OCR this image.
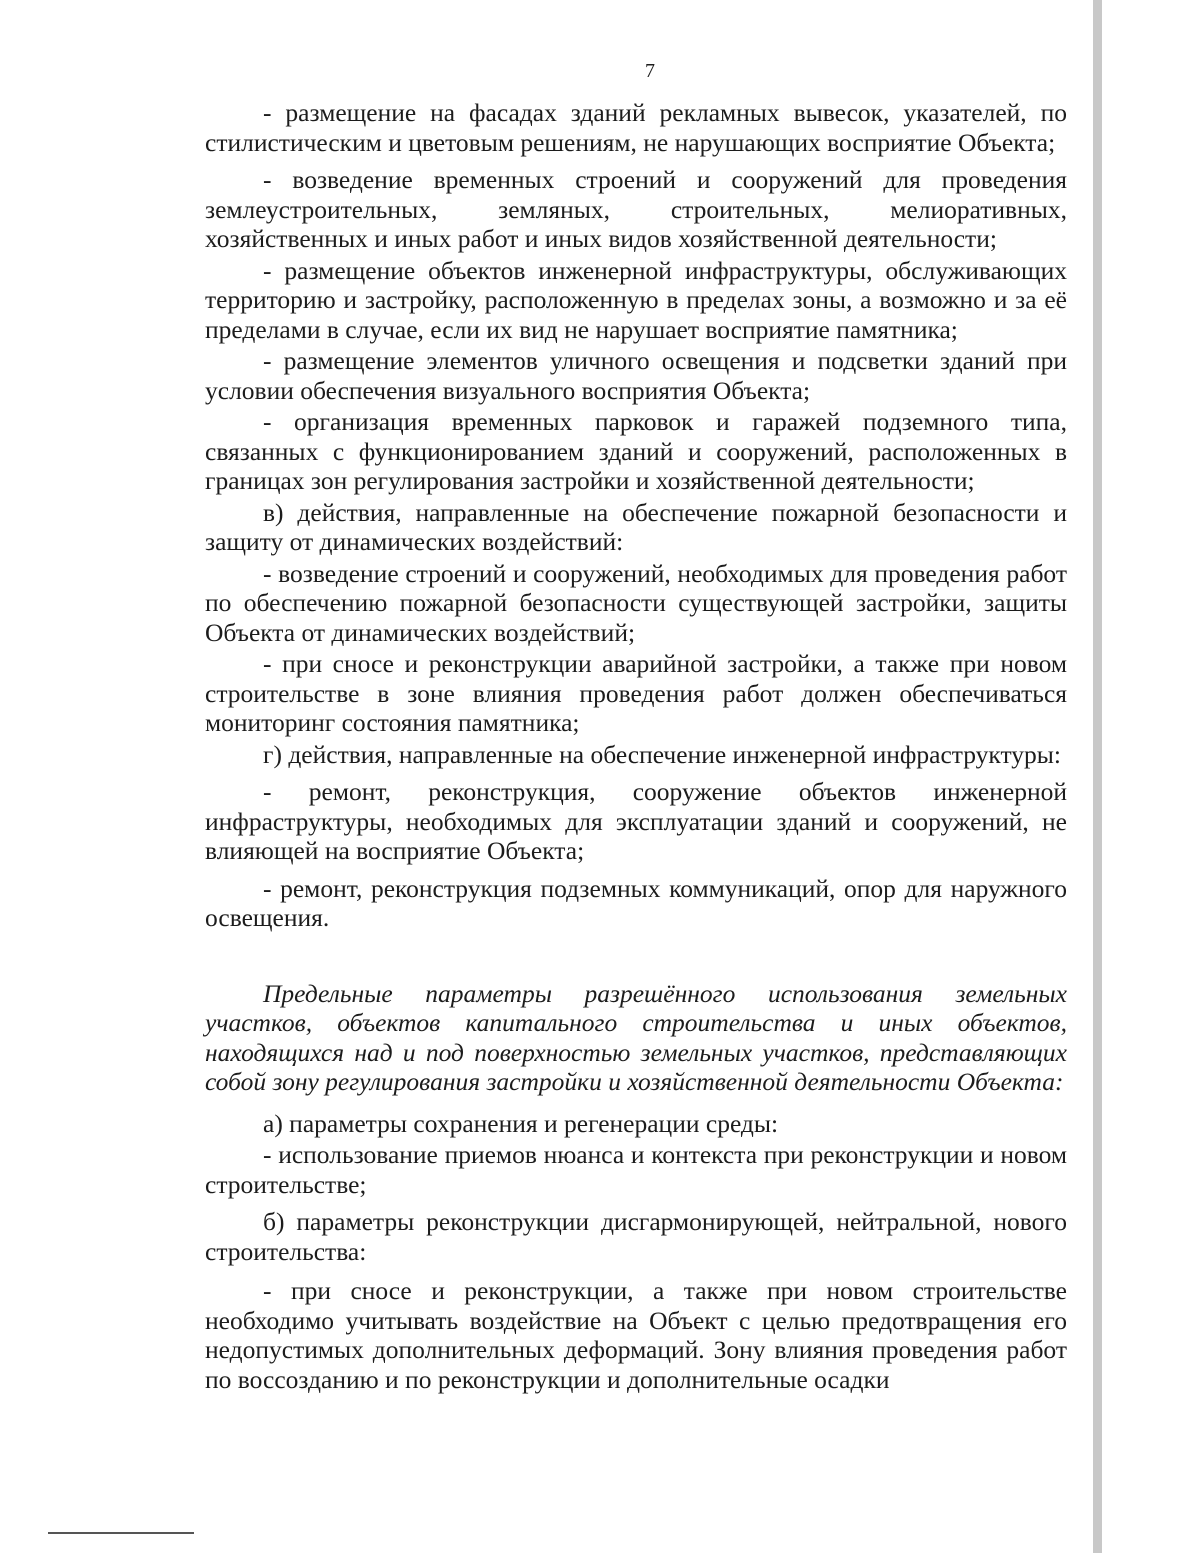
7

- размещение на фасадах зданий рекламных вывесок, указателей, по стилистическим и цветовым решениям, не нарушающих восприятие Объекта;

- возведение временных строений и сооружений для проведения землеустроительных, земляных, строительных, мелиоративных, хозяйственных и иных работ и иных видов хозяйственной деятельности;

- размещение объектов инженерной инфраструктуры, обслуживающих территорию и застройку, расположенную в пределах зоны, а возможно и за её пределами в случае, если их вид не нарушает восприятие памятника;

- размещение элементов уличного освещения и подсветки зданий при условии обеспечения визуального восприятия Объекта;

- организация временных парковок и гаражей подземного типа, связанных с функционированием зданий и сооружений, расположенных в границах зон регулирования застройки и хозяйственной деятельности;

в) действия, направленные на обеспечение пожарной безопасности и защиту от динамических воздействий:

- возведение строений и сооружений, необходимых для проведения работ по обеспечению пожарной безопасности существующей застройки, защиты Объекта от динамических воздействий;

- при сносе и реконструкции аварийной застройки, а также при новом строительстве в зоне влияния проведения работ должен обеспечиваться мониторинг состояния памятника;

г) действия, направленные на обеспечение инженерной инфраструктуры:

- ремонт, реконструкция, сооружение объектов инженерной инфраструктуры, необходимых для эксплуатации зданий и сооружений, не влияющей на восприятие Объекта;

- ремонт, реконструкция подземных коммуникаций, опор для наружного освещения.

Предельные параметры разрешённого использования земельных участков, объектов капитального строительства и иных объектов, находящихся над и под поверхностью земельных участков, представляющих собой зону регулирования застройки и хозяйственной деятельности Объекта:

а) параметры сохранения и регенерации среды:

- использование приемов нюанса и контекста при реконструкции и новом строительстве;

б) параметры реконструкции дисгармонирующей, нейтральной, нового строительства:

- при сносе и реконструкции, а также при новом строительстве необходимо учитывать воздействие на Объект с целью предотвращения его недопустимых дополнительных деформаций. Зону влияния проведения работ по воссозданию и по реконструкции и дополнительные осадки
